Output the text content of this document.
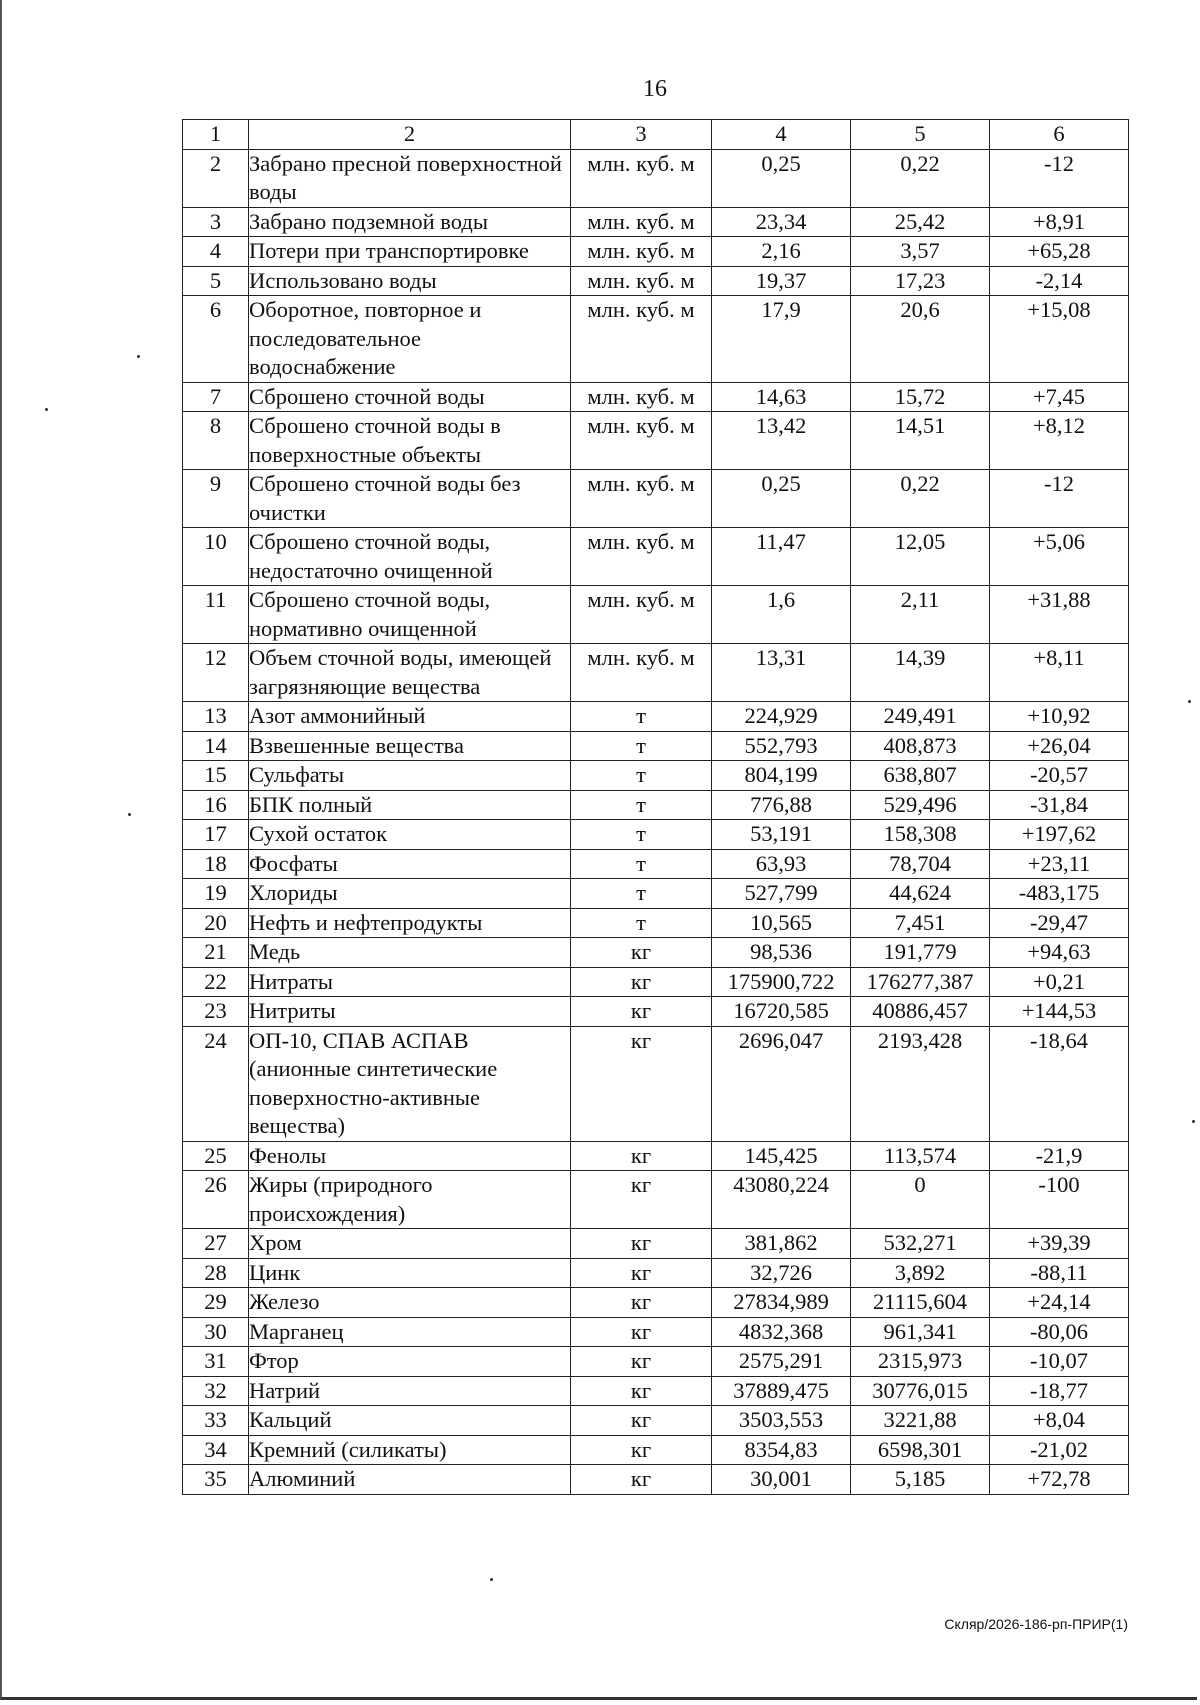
16
1	2	3	4	5	6
2	Забрано пресной поверхностной воды	млн. куб. м	0,25	0,22	-12
3	Забрано подземной воды	млн. куб. м	23,34	25,42	+8,91
4	Потери при транспортировке	млн. куб. м	2,16	3,57	+65,28
5	Использовано воды	млн. куб. м	19,37	17,23	-2,14
6	Оборотное, повторное и последовательное водоснабжение	млн. куб. м	17,9	20,6	+15,08
7	Сброшено сточной воды	млн. куб. м	14,63	15,72	+7,45
8	Сброшено сточной воды в поверхностные объекты	млн. куб. м	13,42	14,51	+8,12
9	Сброшено сточной воды без очистки	млн. куб. м	0,25	0,22	-12
10	Сброшено сточной воды, недостаточно очищенной	млн. куб. м	11,47	12,05	+5,06
11	Сброшено сточной воды, нормативно очищенной	млн. куб. м	1,6	2,11	+31,88
12	Объем сточной воды, имеющей загрязняющие вещества	млн. куб. м	13,31	14,39	+8,11
13	Азот аммонийный	т	224,929	249,491	+10,92
14	Взвешенные вещества	т	552,793	408,873	+26,04
15	Сульфаты	т	804,199	638,807	-20,57
16	БПК полный	т	776,88	529,496	-31,84
17	Сухой остаток	т	53,191	158,308	+197,62
18	Фосфаты	т	63,93	78,704	+23,11
19	Хлориды	т	527,799	44,624	-483,175
20	Нефть и нефтепродукты	т	10,565	7,451	-29,47
21	Медь	кг	98,536	191,779	+94,63
22	Нитраты	кг	175900,722	176277,387	+0,21
23	Нитриты	кг	16720,585	40886,457	+144,53
24	ОП-10, СПАВ АСПАВ (анионные синтетические поверхностно-активные вещества)	кг	2696,047	2193,428	-18,64
25	Фенолы	кг	145,425	113,574	-21,9
26	Жиры (природного происхождения)	кг	43080,224	0	-100
27	Хром	кг	381,862	532,271	+39,39
28	Цинк	кг	32,726	3,892	-88,11
29	Железо	кг	27834,989	21115,604	+24,14
30	Марганец	кг	4832,368	961,341	-80,06
31	Фтор	кг	2575,291	2315,973	-10,07
32	Натрий	кг	37889,475	30776,015	-18,77
33	Кальций	кг	3503,553	3221,88	+8,04
34	Кремний (силикаты)	кг	8354,83	6598,301	-21,02
35	Алюминий	кг	30,001	5,185	+72,78
Скляр/2026-186-рп-ПРИР(1)
